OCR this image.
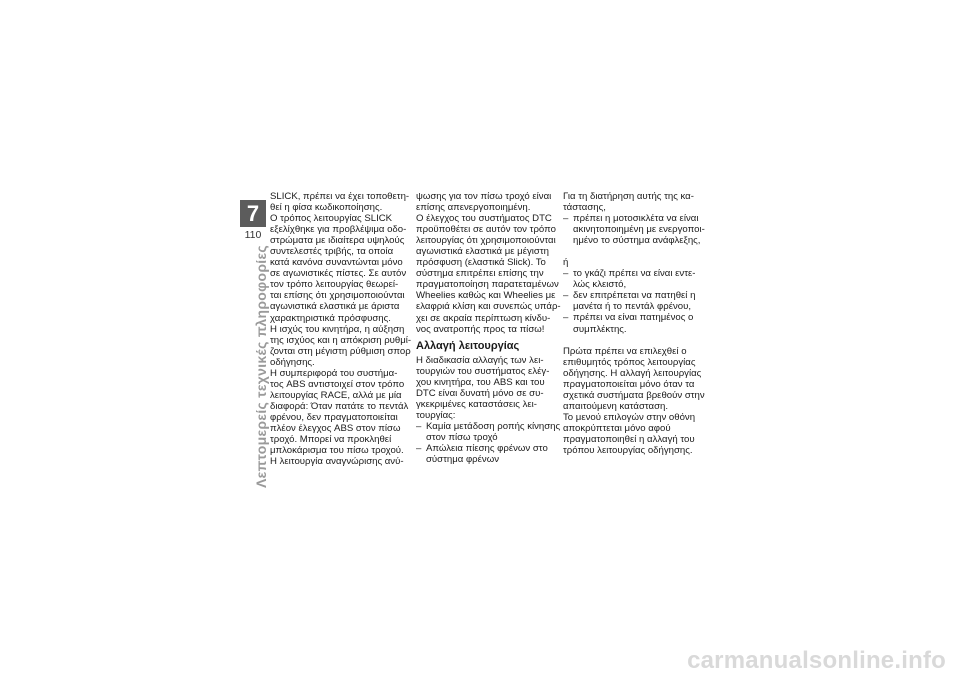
7
110
Λεπτομερείς τεχνικές πληροφορίες
SLICK, πρέπει να έχει τοποθετη-
θεί η φίσα κωδικοποίησης.
Ο τρόπος λειτουργίας SLICK
εξελίχθηκε για προβλέψιμα οδο-
στρώματα με ιδιαίτερα υψηλούς
συντελεστές τριβής, τα οποία
κατά κανόνα συναντώνται μόνο
σε αγωνιστικές πίστες. Σε αυτόν
τον τρόπο λειτουργίας θεωρεί-
ται επίσης ότι χρησιμοποιούνται
αγωνιστικά ελαστικά με άριστα
χαρακτηριστικά πρόσφυσης.
Η ισχύς του κινητήρα, η αύξηση
της ισχύος και η απόκριση ρυθμί-
ζονται στη μέγιστη ρύθμιση σπορ
οδήγησης.
Η συμπεριφορά του συστήμα-
τος ABS αντιστοιχεί στον τρόπο
λειτουργίας RACE, αλλά με μία
διαφορά: Όταν πατάτε το πεντάλ
φρένου, δεν πραγματοποιείται
πλέον έλεγχος ABS στον πίσω
τροχό. Μπορεί να προκληθεί
μπλοκάρισμα του πίσω τροχού.
Η λειτουργία αναγνώρισης ανύ-
ψωσης για τον πίσω τροχό είναι
επίσης απενεργοποιημένη.
Ο έλεγχος του συστήματος DTC
προϋποθέτει σε αυτόν τον τρόπο
λειτουργίας ότι χρησιμοποιούνται
αγωνιστικά ελαστικά με μέγιστη
πρόσφυση (ελαστικά Slick). Το
σύστημα επιτρέπει επίσης την
πραγματοποίηση παρατεταμένων
Wheelies καθώς και Wheelies με
ελαφριά κλίση και συνεπώς υπάρ-
χει σε ακραία περίπτωση κίνδυ-
νος ανατροπής προς τα πίσω!
Αλλαγή λειτουργίας
Η διαδικασία αλλαγής των λει-
τουργιών του συστήματος ελέγ-
χου κινητήρα, του ABS και του
DTC είναι δυνατή μόνο σε συ-
γκεκριμένες καταστάσεις λει-
τουργίας:
– Καμία μετάδοση ροπής κίνησης
στον πίσω τροχό
– Απώλεια πίεσης φρένων στο
σύστημα φρένων
Για τη διατήρηση αυτής της κα-
τάστασης,
– πρέπει η μοτοσικλέτα να είναι
ακινητοποιημένη με ενεργοποι-
ημένο το σύστημα ανάφλεξης,
ή
– το γκάζι πρέπει να είναι εντε-
λώς κλειστό,
– δεν επιτρέπεται να πατηθεί η
μανέτα ή το πεντάλ φρένου,
– πρέπει να είναι πατημένος ο
συμπλέκτης.
Πρώτα πρέπει να επιλεχθεί ο
επιθυμητός τρόπος λειτουργίας
οδήγησης. Η αλλαγή λειτουργίας
πραγματοποιείται μόνο όταν τα
σχετικά συστήματα βρεθούν στην
απαιτούμενη κατάσταση.
Το μενού επιλογών στην οθόνη
αποκρύπτεται μόνο αφού
πραγματοποιηθεί η αλλαγή του
τρόπου λειτουργίας οδήγησης.
carmanualsonline.info
